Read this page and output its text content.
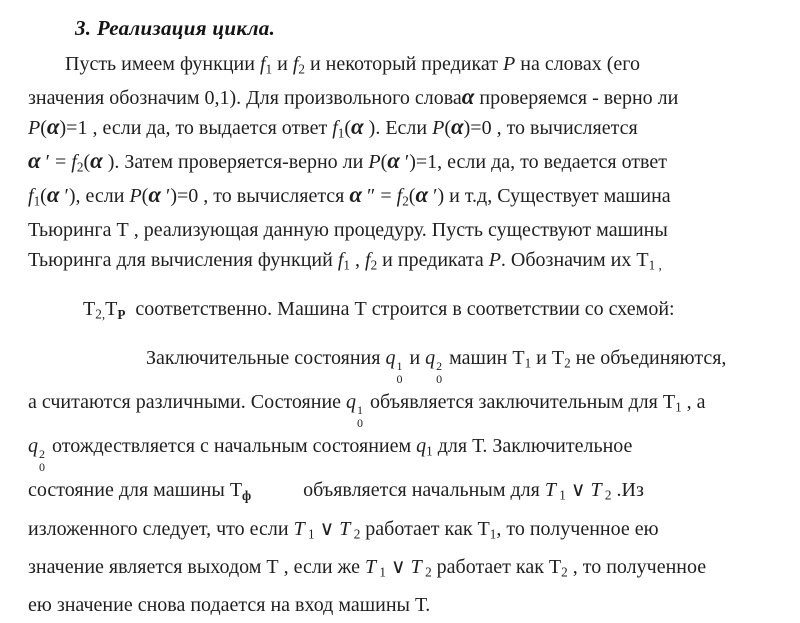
3. Реализация цикла.
Пусть имеем функции $f_1$ и $f_2$ и некоторый предикат P на словах (его
значения обозначим 0,1). Для произвольного словаα проверяемся - верно ли
P(α)=1 , если да, то выдается ответ $f_1(\alpha$ ). Если P(α)=0 , то вычисляется
α ′ = $f_2(\alpha$ ). Затем проверяется-верно ли P(α ′)=1, если да, то ведается ответ
$f_1(\alpha$ ′), если P(α ′)=0 , то вычисляется α ″ = $f_2(\alpha$ ′) и т.д, Существует машина
Тьюринга Т , реализующая данную процедуру. Пусть существуют машины
Тьюринга для вычисления функций $f_1$ , $f_2$ и предиката P. Обозначим их $Т_{1 ,}$
$Т_{2,}Т_Р$  соответственно. Машина Т строится в соответствии со схемой:
Заключительные состояния q 1
0
и q 2
0
машин $Т_1$ и $Т_2$ не объединяются,
а считаются различными. Состояние q 1
0
объявляется заключительным для $Т_1$ , а
q 2
0
отождествляется с начальным состоянием $q_1$ для Т. Заключительное
состояние для машины $Т_ф$	объявляется начальным для T $_1$ ∨ T $_2$ .Из
изложенного следует, что если T $_1$ ∨ T $_2$ работает как $Т_1$, то полученное ею
значение является выходом Т , если же T $_1$ ∨ T $_2$ работает как $Т_2$ , то полученное
ею значение снова подается на вход машины Т.
